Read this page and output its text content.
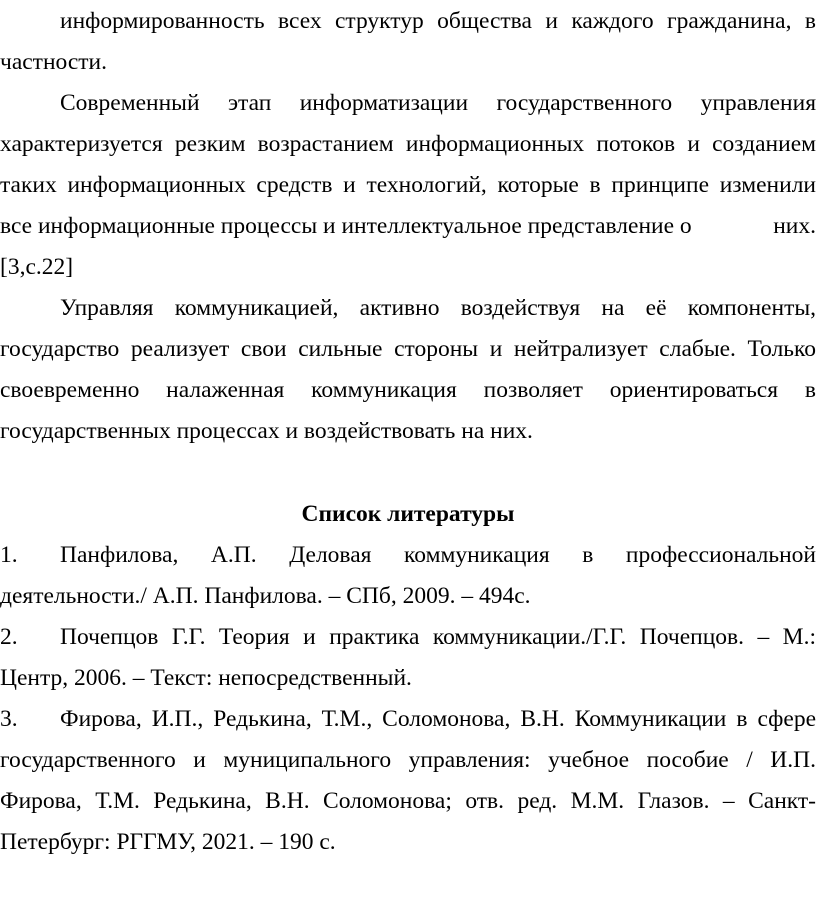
информированность всех структур общества и каждого гражданина, в
частности.
Современный этап информатизации государственного управления
характеризуется резким возрастанием информационных потоков и созданием
таких информационных средств и технологий, которые в принципе изменили
все информационные процессы и интеллектуальное представление о	них.
[3,с.22]
Управляя коммуникацией, активно воздействуя на её компоненты,
государство реализует свои сильные стороны и нейтрализует слабые. Только
своевременно налаженная коммуникация позволяет ориентироваться в
государственных процессах и воздействовать на них.
Список литературы
1. Панфилова, А.П. Деловая коммуникация в профессиональной
деятельности./ А.П. Панфилова. – СПб, 2009. – 494с.
2. Почепцов Г.Г. Теория и практика коммуникации./Г.Г. Почепцов. – М.:
Центр, 2006. – Текст: непосредственный.
3. Фирова, И.П., Редькина, Т.М., Соломонова, В.Н. Коммуникации в сфере
государственного и муниципального управления: учебное пособие / И.П.
Фирова, Т.М. Редькина, В.Н. Соломонова; отв. ред. М.М. Глазов. – Санкт-
Петербург: РГГМУ, 2021. – 190 с.
